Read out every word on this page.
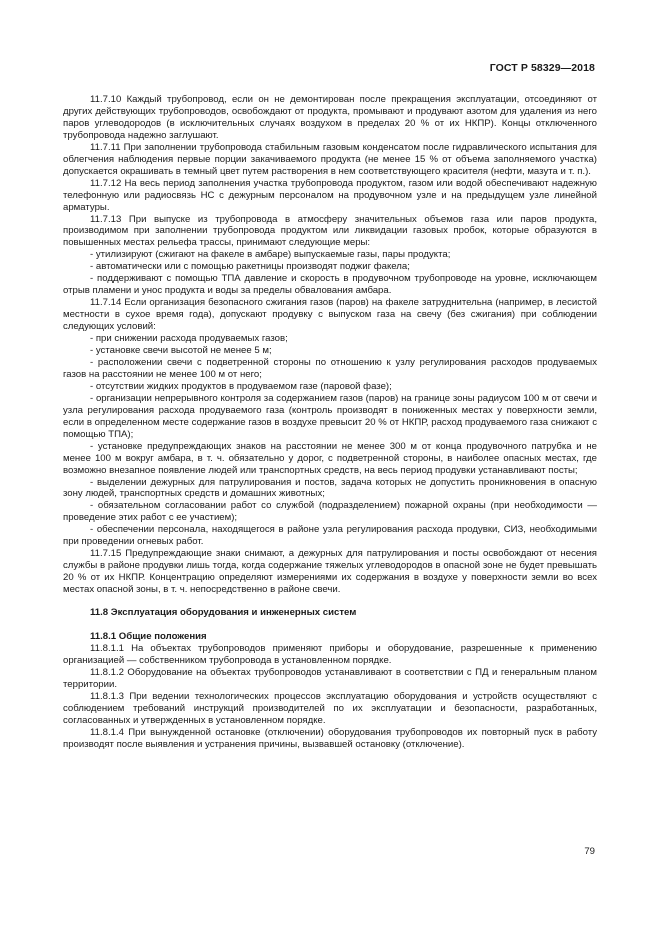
ГОСТ Р 58329—2018

11.7.10 Каждый трубопровод, если он не демонтирован после прекращения эксплуатации, отсоединяют от других действующих трубопроводов, освобождают от продукта, промывают и продувают азотом для удаления из него паров углеводородов (в исключительных случаях воздухом в пределах 20 % от их НКПР). Концы отключенного трубопровода надежно заглушают.

11.7.11 При заполнении трубопровода стабильным газовым конденсатом после гидравлического испытания для облегчения наблюдения первые порции закачиваемого продукта (не менее 15 % от объема заполняемого участка) допускается окрашивать в темный цвет путем растворения в нем соответствующего красителя (нефти, мазута и т. п.).

11.7.12 На весь период заполнения участка трубопровода продуктом, газом или водой обеспечивают надежную телефонную или радиосвязь НС с дежурным персоналом на продувочном узле и на предыдущем узле линейной арматуры.

11.7.13 При выпуске из трубопровода в атмосферу значительных объемов газа или паров продукта, производимом при заполнении трубопровода продуктом или ликвидации газовых пробок, которые образуются в повышенных местах рельефа трассы, принимают следующие меры:

- утилизируют (сжигают на факеле в амбаре) выпускаемые газы, пары продукта;

- автоматически или с помощью ракетницы производят поджиг факела;

- поддерживают с помощью ТПА давление и скорость в продувочном трубопроводе на уровне, исключающем отрыв пламени и унос продукта и воды за пределы обвалования амбара.

11.7.14 Если организация безопасного сжигания газов (паров) на факеле затруднительна (например, в лесистой местности в сухое время года), допускают продувку с выпуском газа на свечу (без сжигания) при соблюдении следующих условий:

- при снижении расхода продуваемых газов;

- установке свечи высотой не менее 5 м;

- расположении свечи с подветренной стороны по отношению к узлу регулирования расходов продуваемых газов на расстоянии не менее 100 м от него;

- отсутствии жидких продуктов в продуваемом газе (паровой фазе);

- организации непрерывного контроля за содержанием газов (паров) на границе зоны радиусом 100 м от свечи и узла регулирования расхода продуваемого газа (контроль производят в пониженных местах у поверхности земли, если в определенном месте содержание газов в воздухе превысит 20 % от НКПР, расход продуваемого газа снижают с помощью ТПА);

- установке предупреждающих знаков на расстоянии не менее 300 м от конца продувочного патрубка и не менее 100 м вокруг амбара, в т. ч. обязательно у дорог, с подветренной стороны, в наиболее опасных местах, где возможно внезапное появление людей или транспортных средств, на весь период продувки устанавливают посты;

- выделении дежурных для патрулирования и постов, задача которых не допустить проникновения в опасную зону людей, транспортных средств и домашних животных;

- обязательном согласовании работ со службой (подразделением) пожарной охраны (при необходимости — проведение этих работ с ее участием);

- обеспечении персонала, находящегося в районе узла регулирования расхода продувки, СИЗ, необходимыми при проведении огневых работ.

11.7.15 Предупреждающие знаки снимают, а дежурных для патрулирования и посты освобождают от несения службы в районе продувки лишь тогда, когда содержание тяжелых углеводородов в опасной зоне не будет превышать 20 % от их НКПР. Концентрацию определяют измерениями их содержания в воздухе у поверхности земли во всех местах опасной зоны, в т. ч. непосредственно в районе свечи.

11.8 Эксплуатация оборудования и инженерных систем

11.8.1 Общие положения

11.8.1.1 На объектах трубопроводов применяют приборы и оборудование, разрешенные к применению организацией — собственником трубопровода в установленном порядке.

11.8.1.2 Оборудование на объектах трубопроводов устанавливают в соответствии с ПД и генеральным планом территории.

11.8.1.3 При ведении технологических процессов эксплуатацию оборудования и устройств осуществляют с соблюдением требований инструкций производителей по их эксплуатации и безопасности, разработанных, согласованных и утвержденных в установленном порядке.

11.8.1.4 При вынужденной остановке (отключении) оборудования трубопроводов их повторный пуск в работу производят после выявления и устранения причины, вызвавшей остановку (отключение).

79
